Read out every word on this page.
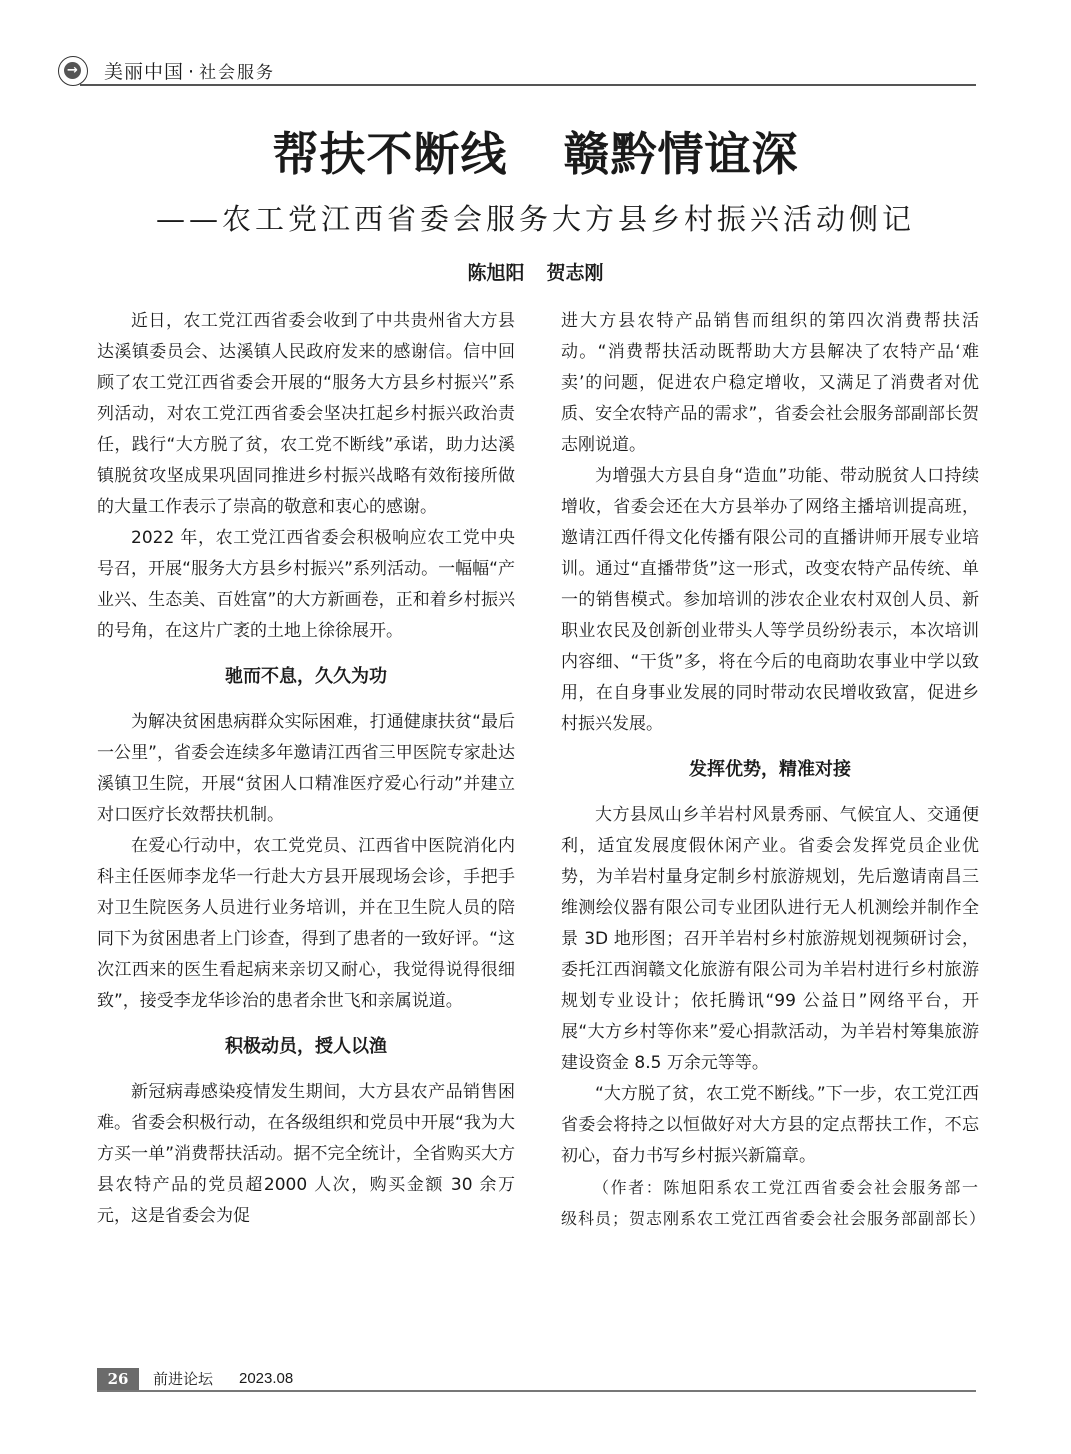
→ 美丽中国 · 社会服务
帮扶不断线 赣黔情谊深
——农工党江西省委会服务大方县乡村振兴活动侧记
陈旭阳 贺志刚

近日，农工党江西省委会收到了中共贵州省大方县达溪镇委员会、达溪镇人民政府发来的感谢信。信中回顾了农工党江西省委会开展的“服务大方县乡村振兴”系列活动，对农工党江西省委会坚决扛起乡村振兴政治责任，践行“大方脱了贫，农工党不断线”承诺，助力达溪镇脱贫攻坚成果巩固同推进乡村振兴战略有效衔接所做的大量工作表示了崇高的敬意和衷心的感谢。

2022 年，农工党江西省委会积极响应农工党中央号召，开展“服务大方县乡村振兴”系列活动。一幅幅“产业兴、生态美、百姓富”的大方新画卷，正和着乡村振兴的号角，在这片广袤的土地上徐徐展开。

驰而不息，久久为功

为解决贫困患病群众实际困难，打通健康扶贫“最后一公里”，省委会连续多年邀请江西省三甲医院专家赴达溪镇卫生院，开展“贫困人口精准医疗爱心行动”并建立对口医疗长效帮扶机制。

在爱心行动中，农工党党员、江西省中医院消化内科主任医师李龙华一行赴大方县开展现场会诊，手把手对卫生院医务人员进行业务培训，并在卫生院人员的陪同下为贫困患者上门诊查，得到了患者的一致好评。“这次江西来的医生看起病来亲切又耐心，我觉得说得很细致”，接受李龙华诊治的患者余世飞和亲属说道。

积极动员，授人以渔

新冠病毒感染疫情发生期间，大方县农产品销售困难。省委会积极行动，在各级组织和党员中开展“我为大方买一单”消费帮扶活动。据不完全统计，全省购买大方县农特产品的党员超2000 人次，购买金额 30 余万元，这是省委会为促

进大方县农特产品销售而组织的第四次消费帮扶活动。“消费帮扶活动既帮助大方县解决了农特产品‘难卖’的问题，促进农户稳定增收，又满足了消费者对优质、安全农特产品的需求”，省委会社会服务部副部长贺志刚说道。

为增强大方县自身“造血”功能、带动脱贫人口持续增收，省委会还在大方县举办了网络主播培训提高班，邀请江西仟得文化传播有限公司的直播讲师开展专业培训。通过“直播带货”这一形式，改变农特产品传统、单一的销售模式。参加培训的涉农企业农村双创人员、新职业农民及创新创业带头人等学员纷纷表示，本次培训内容细、“干货”多，将在今后的电商助农事业中学以致用，在自身事业发展的同时带动农民增收致富，促进乡村振兴发展。

发挥优势，精准对接

大方县凤山乡羊岩村风景秀丽、气候宜人、交通便利，适宜发展度假休闲产业。省委会发挥党员企业优势，为羊岩村量身定制乡村旅游规划，先后邀请南昌三维测绘仪器有限公司专业团队进行无人机测绘并制作全景 3D 地形图；召开羊岩村乡村旅游规划视频研讨会，委托江西润赣文化旅游有限公司为羊岩村进行乡村旅游规划专业设计；依托腾讯“99 公益日”网络平台，开展“大方乡村等你来”爱心捐款活动，为羊岩村筹集旅游建设资金 8.5 万余元等等。

“大方脱了贫，农工党不断线。”下一步，农工党江西省委会将持之以恒做好对大方县的定点帮扶工作，不忘初心，奋力书写乡村振兴新篇章。

（作者：陈旭阳系农工党江西省委会社会服务部一级科员；贺志刚系农工党江西省委会社会服务部副部长）

26	前进论坛 2023.08
